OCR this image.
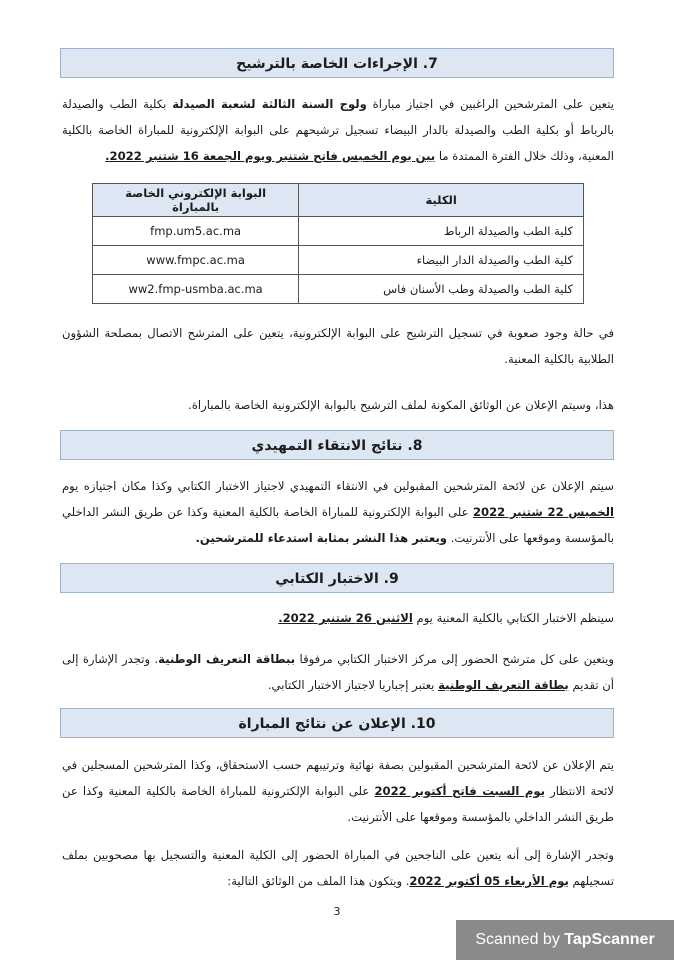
7. الإجراءات الخاصة بالترشيح
يتعين على المترشحين الراغبين في اجتياز مباراة ولوج السنة الثالثة لشعبة الصيدلة بكلية الطب والصيدلة بالرباط أو بكلية الطب والصيدلة بالدار البيضاء تسجيل ترشيحهم على البوابة الإلكترونية للمباراة الخاصة بالكلية المعنية، وذلك خلال الفترة الممتدة ما بين يوم الخميس فاتح شتنبر ويوم الجمعة 16 شتنبر 2022.
الكلية	البوابة الإلكتروني الخاصة بالمباراة
كلية الطب والصيدلة الرباط	fmp.um5.ac.ma
كلية الطب والصيدلة الدار البيضاء	www.fmpc.ac.ma
كلية الطب والصيدلة وطب الأسنان فاس	ww2.fmp-usmba.ac.ma
في حالة وجود صعوبة في تسجيل الترشيح على البوابة الإلكترونية، يتعين على المترشح الاتصال بمصلحة الشؤون الطلابية بالكلية المعنية.
هذا، وسيتم الإعلان عن الوثائق المكونة لملف الترشيح بالبوابة الإلكترونية الخاصة بالمباراة.
8. نتائج الانتقاء التمهيدي
سيتم الإعلان عن لائحة المترشحين المقبولين في الانتقاء التمهيدي لاجتياز الاختبار الكتابي وكذا مكان اجتيازه يوم الخميس 22 شتنبر 2022 على البوابة الإلكترونية للمباراة الخاصة بالكلية المعنية وكذا عن طريق النشر الداخلي بالمؤسسة وموقعها على الأنترنيت. ويعتبر هذا النشر بمثابة استدعاء للمترشحين.
9. الاختبار الكتابي
سينظم الاختبار الكتابي بالكلية المعنية يوم الاثنين 26 شتنبر 2022.
ويتعين على كل مترشح الحضور إلى مركز الاختبار الكتابي مرفوقا ببطاقة التعريف الوطنية. وتجدر الإشارة إلى أن تقديم بطاقة التعريف الوطنية يعتبر إجباريا لاجتياز الاختبار الكتابي.
10. الإعلان عن نتائج المباراة
يتم الإعلان عن لائحة المترشحين المقبولين بصفة نهائية وترتيبهم حسب الاستحقاق، وكذا المترشحين المسجلين في لائحة الانتظار يوم السبت فاتح أكتوبر 2022 على البوابة الإلكترونية للمباراة الخاصة بالكلية المعنية وكذا عن طريق النشر الداخلي بالمؤسسة وموقعها على الأنترنيت.
وتجدر الإشارة إلى أنه يتعين على الناجحين في المباراة الحضور إلى الكلية المعنية والتسجيل بها مصحوبين بملف تسجيلهم يوم الأربعاء 05 أكتوبر 2022. ويتكون هذا الملف من الوثائق التالية:
3
Scanned by TapScanner
